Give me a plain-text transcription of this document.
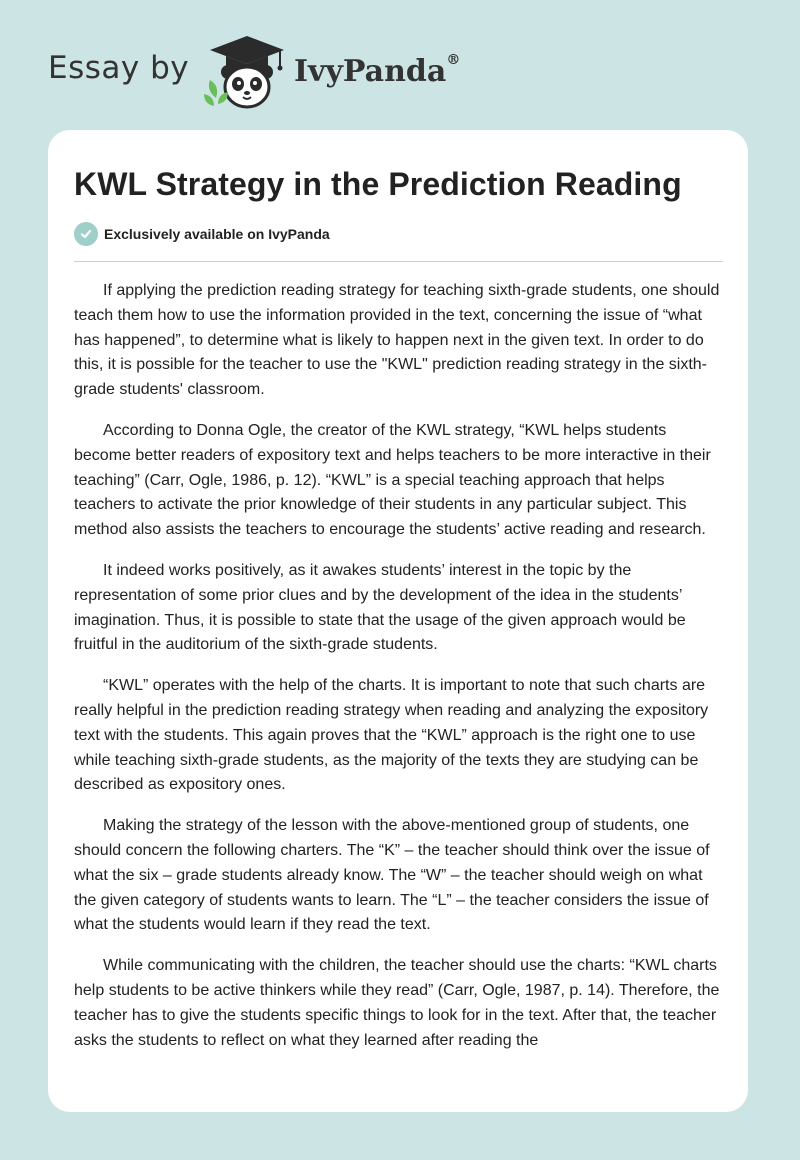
Essay by	IvyPanda®
KWL Strategy in the Prediction Reading
Exclusively available on IvyPanda

If applying the prediction reading strategy for teaching sixth-grade students, one should teach them how to use the information provided in the text, concerning the issue of “what has happened”, to determine what is likely to happen next in the given text. In order to do this, it is possible for the teacher to use the "KWL" prediction reading strategy in the sixth-grade students' classroom.

According to Donna Ogle, the creator of the KWL strategy, “KWL helps students become better readers of expository text and helps teachers to be more interactive in their teaching” (Carr, Ogle, 1986, p. 12). “KWL” is a special teaching approach that helps teachers to activate the prior knowledge of their students in any particular subject. This method also assists the teachers to encourage the students’ active reading and research.

It indeed works positively, as it awakes students’ interest in the topic by the representation of some prior clues and by the development of the idea in the students’ imagination. Thus, it is possible to state that the usage of the given approach would be fruitful in the auditorium of the sixth-grade students.

“KWL” operates with the help of the charts. It is important to note that such charts are really helpful in the prediction reading strategy when reading and analyzing the expository text with the students. This again proves that the “KWL” approach is the right one to use while teaching sixth-grade students, as the majority of the texts they are studying can be described as expository ones.

Making the strategy of the lesson with the above-mentioned group of students, one should concern the following charters. The “K” – the teacher should think over the issue of what the six – grade students already know. The “W” – the teacher should weigh on what the given category of students wants to learn. The “L” – the teacher considers the issue of what the students would learn if they read the text.

While communicating with the children, the teacher should use the charts: “KWL charts help students to be active thinkers while they read” (Carr, Ogle, 1987, p. 14). Therefore, the teacher has to give the students specific things to look for in the text. After that, the teacher asks the students to reflect on what they learned after reading the
